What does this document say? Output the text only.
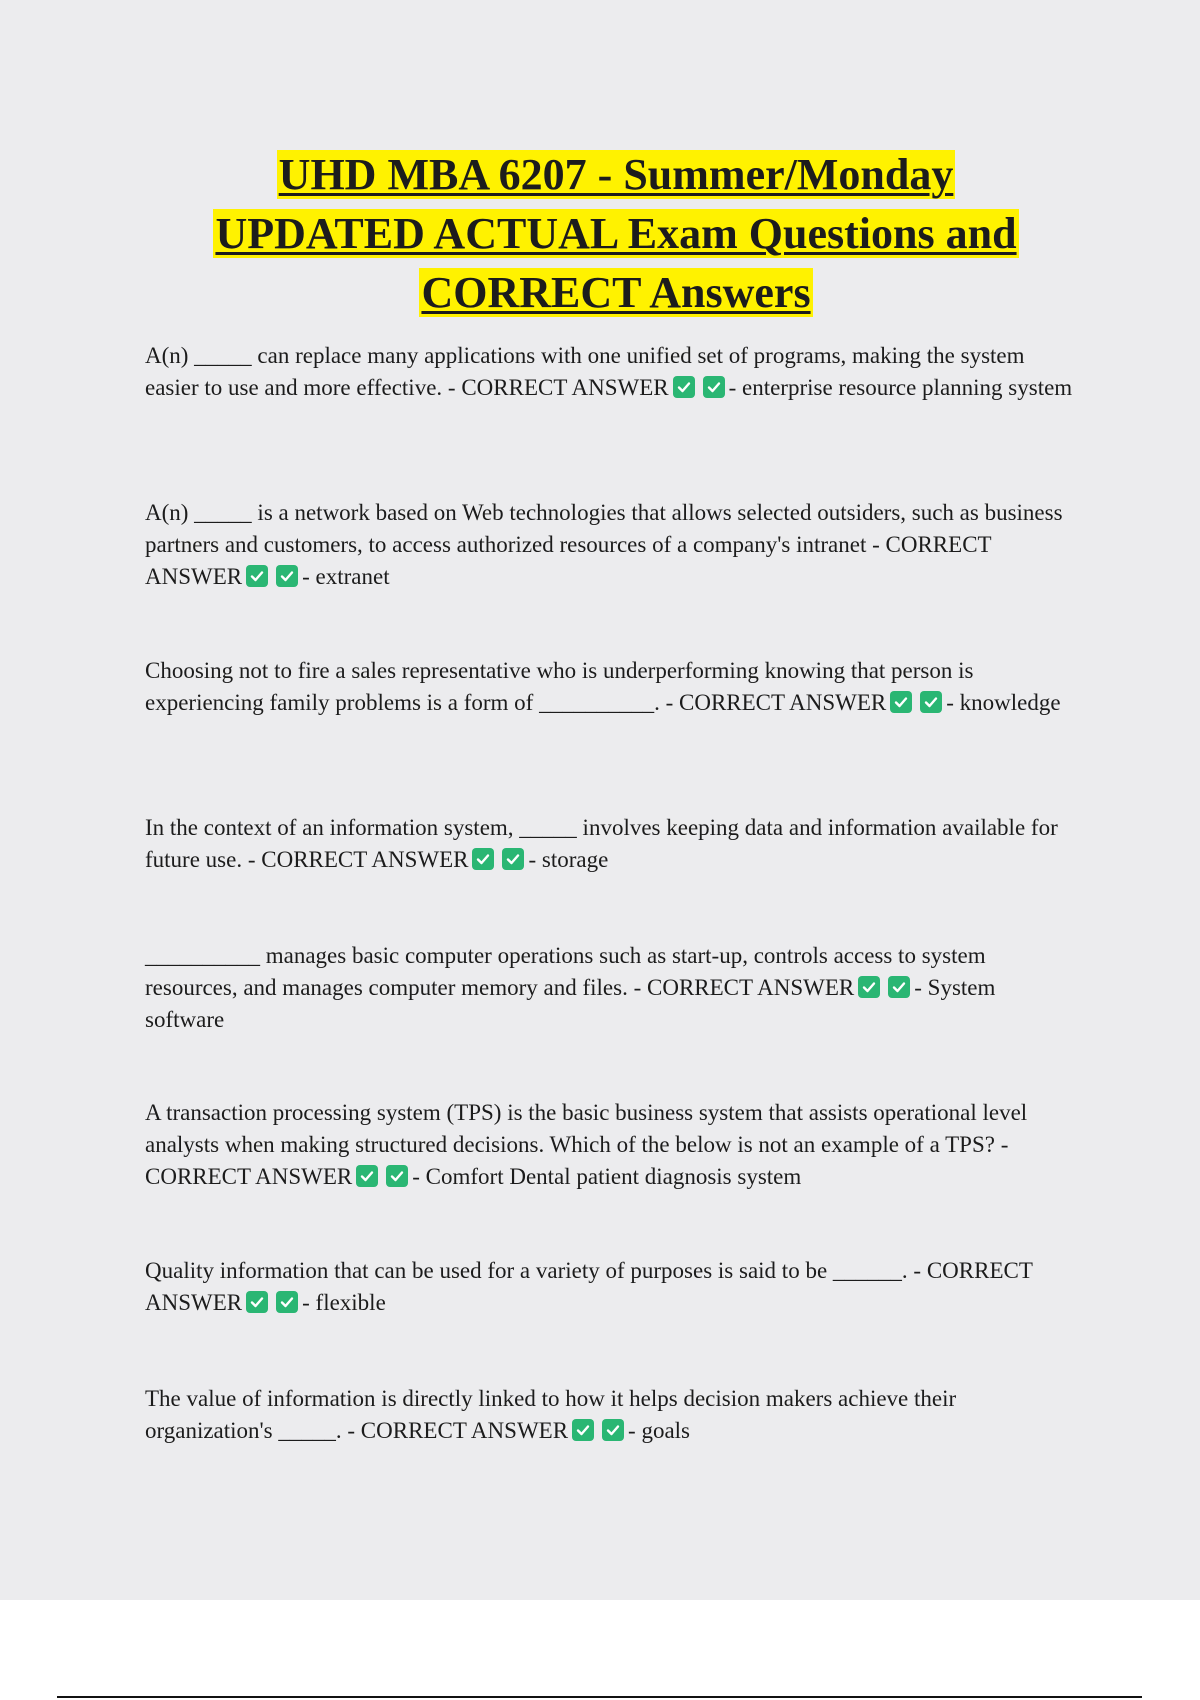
UHD MBA 6207 - Summer/Monday
UPDATED ACTUAL Exam Questions and
CORRECT Answers

A(n) _____ can replace many applications with one unified set of programs, making the system easier to use and more effective. - CORRECT ANSWER	- enterprise resource planning system

A(n) _____ is a network based on Web technologies that allows selected outsiders, such as business partners and customers, to access authorized resources of a company's intranet - CORRECT ANSWER	- extranet

Choosing not to fire a sales representative who is underperforming knowing that person is experiencing family problems is a form of __________. - CORRECT ANSWER	- knowledge

In the context of an information system, _____ involves keeping data and information available for future use. - CORRECT ANSWER	- storage

__________ manages basic computer operations such as start-up, controls access to system resources, and manages computer memory and files. - CORRECT ANSWER	- System software

A transaction processing system (TPS) is the basic business system that assists operational level analysts when making structured decisions. Which of the below is not an example of a TPS? - CORRECT ANSWER	- Comfort Dental patient diagnosis system

Quality information that can be used for a variety of purposes is said to be ______. - CORRECT ANSWER	- flexible

The value of information is directly linked to how it helps decision makers achieve their organization's _____. - CORRECT ANSWER	- goals
